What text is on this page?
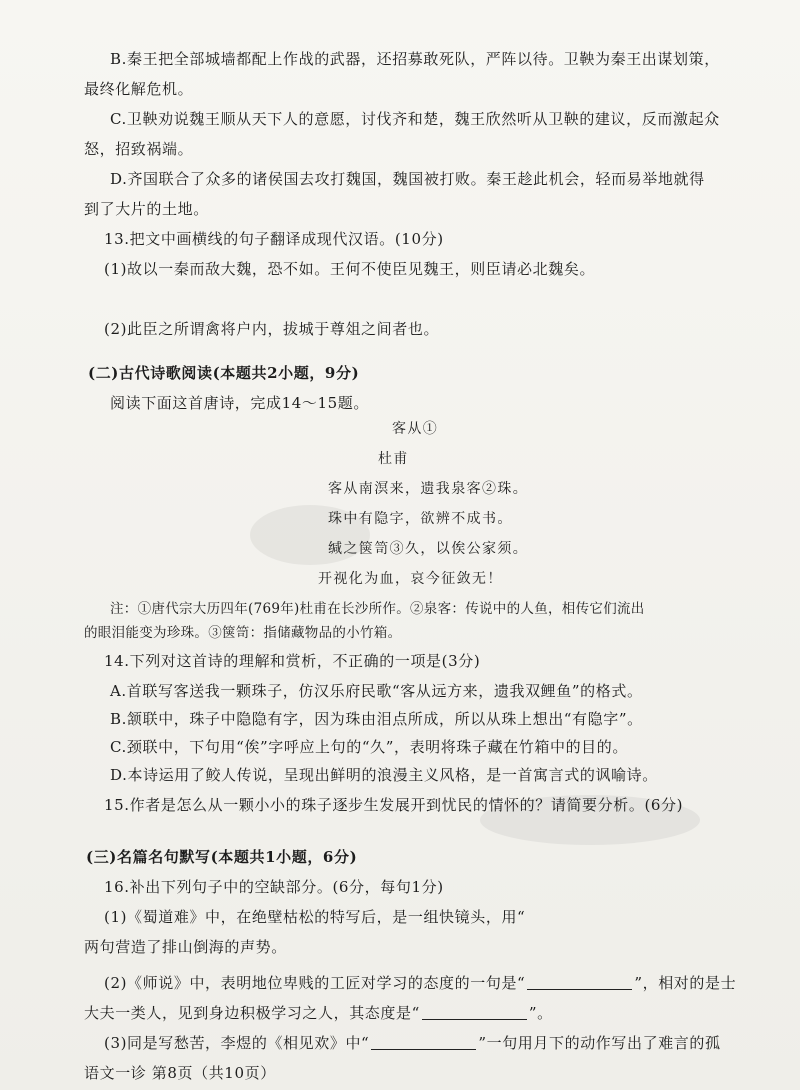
B.秦王把全部城墙都配上作战的武器，还招募敢死队，严阵以待。卫鞅为秦王出谋划策，
最终化解危机。
C.卫鞅劝说魏王顺从天下人的意愿，讨伐齐和楚，魏王欣然听从卫鞅的建议，反而激起众
怒，招致祸端。
D.齐国联合了众多的诸侯国去攻打魏国，魏国被打败。秦王趁此机会，轻而易举地就得
到了大片的土地。
13.把文中画横线的句子翻译成现代汉语。(10分)
(1)故以一秦而敌大魏，恐不如。王何不使臣见魏王，则臣请必北魏矣。
(2)此臣之所谓禽将户内，拔城于尊俎之间者也。
(二)古代诗歌阅读(本题共2小题，9分)
阅读下面这首唐诗，完成14～15题。
客从①
杜甫
客从南溟来，遗我泉客②珠。
珠中有隐字，欲辨不成书。
缄之箧笥③久，以俟公家须。
开视化为血，哀今征敛无！
注：①唐代宗大历四年(769年)杜甫在长沙所作。②泉客：传说中的人鱼，相传它们流出
的眼泪能变为珍珠。③箧笥：指储藏物品的小竹箱。
14.下列对这首诗的理解和赏析，不正确的一项是(3分)
A.首联写客送我一颗珠子，仿汉乐府民歌“客从远方来，遗我双鲤鱼”的格式。
B.颔联中，珠子中隐隐有字，因为珠由泪点所成，所以从珠上想出“有隐字”。
C.颈联中，下句用“俟”字呼应上句的“久”，表明将珠子藏在竹箱中的目的。
D.本诗运用了鲛人传说，呈现出鲜明的浪漫主义风格，是一首寓言式的讽喻诗。
15.作者是怎么从一颗小小的珠子逐步生发展开到忧民的情怀的？请简要分析。(6分)
(三)名篇名句默写(本题共1小题，6分)
16.补出下列句子中的空缺部分。(6分，每句1分)
(1)《蜀道难》中，在绝壁枯松的特写后，是一组快镜头，用“
两句营造了排山倒海的声势。
(2)《师说》中，表明地位卑贱的工匠对学习的态度的一句是“	”，相对的是士
大夫一类人，见到身边积极学习之人，其态度是“	”。
(3)同是写愁苦，李煜的《相见欢》中“	”一句用月下的动作写出了难言的孤
语文一诊 第8页（共10页）
